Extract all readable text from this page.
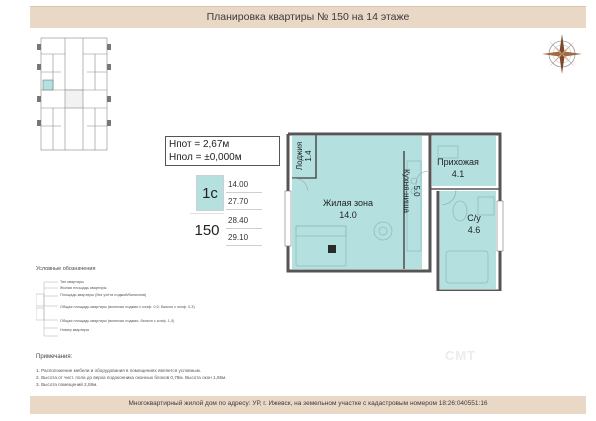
Планировка квартиры № 150 на 14 этаже
Hпот = 2,67м
Hпол = ±0,000м
1с
150
14.00
27.70
28.40
29.10
Лоджия 1.4
Жилая зона
14.0
Кухня-ниша 5.0
Прихожая
4.1
С/у
4.6
Условные обозначения
Тип квартиры
Жилая площадь квартиры
Площадь квартиры (без учёта лоджий/балконов)
Общая площадь квартиры (включая лоджии с коэф. 0,5; балкон с коэф. 0,3)
Общая площадь квартиры (включая лоджии, балкон с коэф. 1,0)
Номер квартиры
Примечания:
1. Расположение мебели и оборудования в помещениях является условным.
2. Высота от чист. пола до верха подоконника оконных блоков 0,78м. Высота окон 1,65м.
3. Высота помещений 2,59м.
СМТ
Многоквартирный жилой дом по адресу: УР, г. Ижевск, на земельном участке с кадастровым номером 18:26:040551:16
